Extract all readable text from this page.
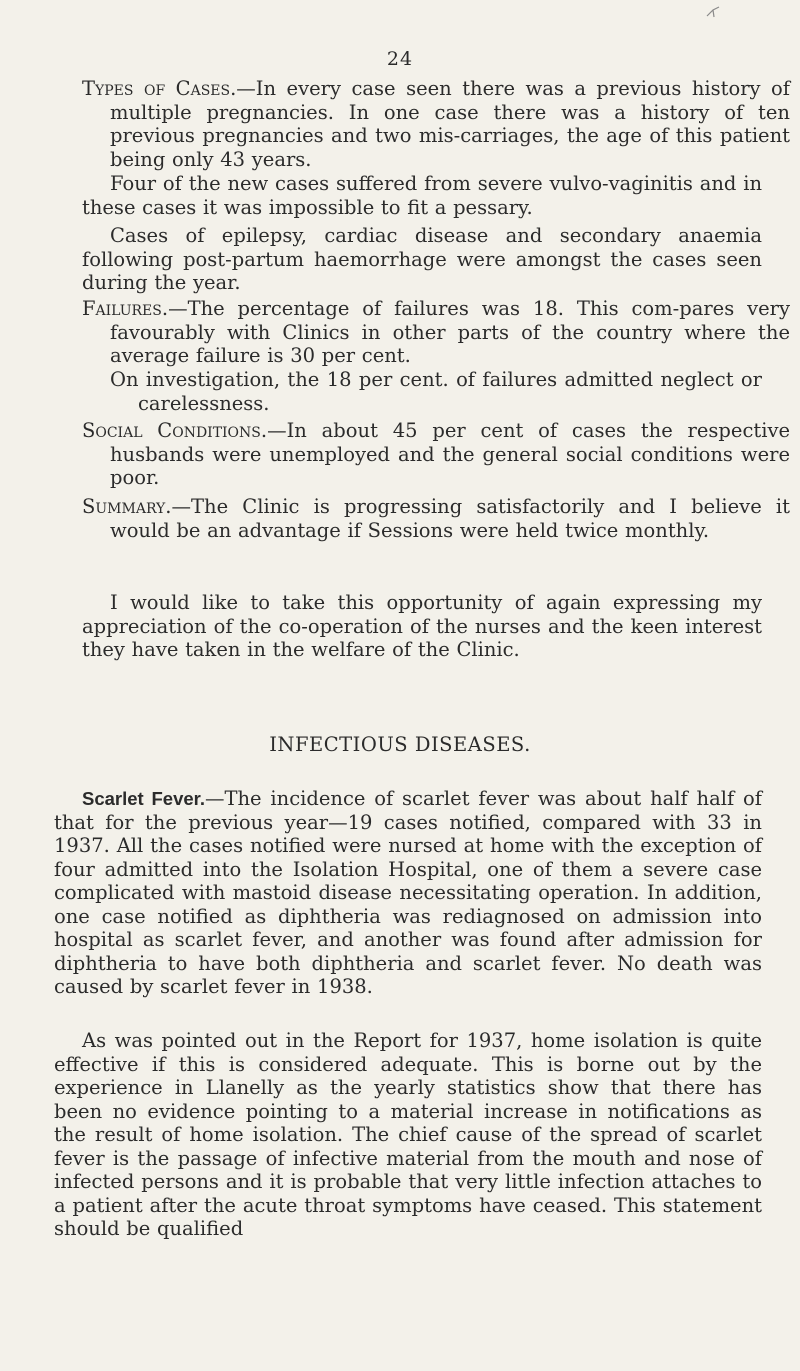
24

Types of Cases.—In every case seen there was a previous history of multiple pregnancies. In one case there was a history of ten previous pregnancies and two mis-carriages, the age of this patient being only 43 years.

Four of the new cases suffered from severe vulvo-vaginitis and in these cases it was impossible to fit a pessary.

Cases of epilepsy, cardiac disease and secondary anaemia following post-partum haemorrhage were amongst the cases seen during the year.

Failures.—The percentage of failures was 18. This com-pares very favourably with Clinics in other parts of the country where the average failure is 30 per cent.

On investigation, the 18 per cent. of failures admitted neglect or carelessness.

Social Conditions.—In about 45 per cent of cases the respective husbands were unemployed and the general social conditions were poor.

Summary.—The Clinic is progressing satisfactorily and I believe it would be an advantage if Sessions were held twice monthly.

I would like to take this opportunity of again expressing my appreciation of the co-operation of the nurses and the keen interest they have taken in the welfare of the Clinic.

INFECTIOUS DISEASES.

Scarlet Fever.—The incidence of scarlet fever was about half half of that for the previous year—19 cases notified, compared with 33 in 1937. All the cases notified were nursed at home with the exception of four admitted into the Isolation Hospital, one of them a severe case complicated with mastoid disease necessitating operation. In addition, one case notified as diphtheria was rediagnosed on admission into hospital as scarlet fever, and another was found after admission for diphtheria to have both diphtheria and scarlet fever. No death was caused by scarlet fever in 1938.

As was pointed out in the Report for 1937, home isolation is quite effective if this is considered adequate. This is borne out by the experience in Llanelly as the yearly statistics show that there has been no evidence pointing to a material increase in notifications as the result of home isolation. The chief cause of the spread of scarlet fever is the passage of infective material from the mouth and nose of infected persons and it is probable that very little infection attaches to a patient after the acute throat symptoms have ceased. This statement should be qualified
